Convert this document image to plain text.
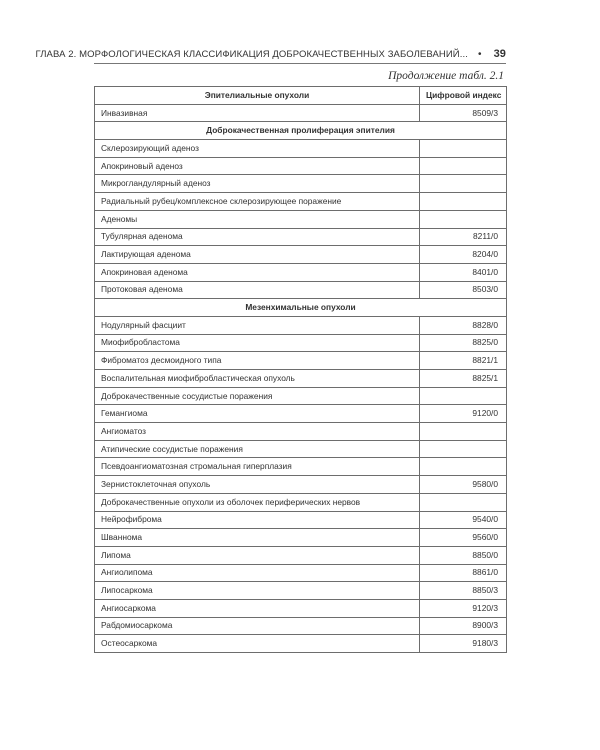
ГЛАВА 2. МОРФОЛОГИЧЕСКАЯ КЛАССИФИКАЦИЯ ДОБРОКАЧЕСТВЕННЫХ ЗАБОЛЕВАНИЙ... • 39
Продолжение табл. 2.1
Эпителиальные опухоли	Цифровой индекс
Инвазивная	8509/3
Доброкачественная пролиферация эпителия	
Склерозирующий аденоз	
Апокриновый аденоз	
Микрогландулярный аденоз	
Радиальный рубец/комплексное склерозирующее поражение	
Аденомы	
Тубулярная аденома	8211/0
Лактирующая аденома	8204/0
Апокриновая аденома	8401/0
Протоковая аденома	8503/0
Мезенхимальные опухоли	
Нодулярный фасциит	8828/0
Миофибробластома	8825/0
Фиброматоз десмоидного типа	8821/1
Воспалительная миофибробластическая опухоль	8825/1
Доброкачественные сосудистые поражения	
Гемангиома	9120/0
Ангиоматоз	
Атипические сосудистые поражения	
Псевдоангиоматозная стромальная гиперплазия	
Зернистоклеточная опухоль	9580/0
Доброкачественные опухоли из оболочек периферических нервов	
Нейрофиброма	9540/0
Шваннома	9560/0
Липома	8850/0
Ангиолипома	8861/0
Липосаркома	8850/3
Ангиосаркома	9120/3
Рабдомиосаркома	8900/3
Остеосаркома	9180/3
